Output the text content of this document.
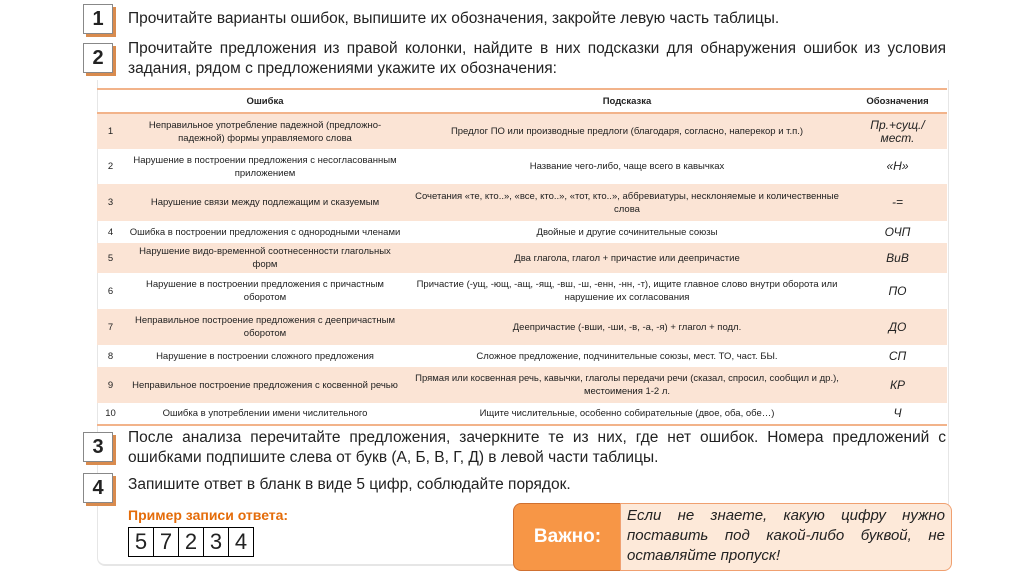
1	Прочитайте варианты ошибок, выпишите их обозначения, закройте левую часть таблицы.
2	Прочитайте предложения из правой колонки, найдите в них подсказки для обнаружения ошибок из условия задания, рядом с предложениями укажите их обозначения:
	Ошибка	Подсказка	Обозначения
1	Неправильное употребление падежной (предложно-падежной) формы управляемого слова	Предлог ПО или производные предлоги (благодаря, согласно, наперекор и т.п.)	Пр.+сущ./ мест.
2	Нарушение в построении предложения с несогласованным приложением	Название чего-либо, чаще всего в кавычках	«Н»
3	Нарушение связи между подлежащим и сказуемым	Сочетания «те, кто..», «все, кто..», «тот, кто..», аббревиатуры, несклоняемые и количественные слова	-=
4	Ошибка в построении предложения с однородными членами	Двойные и другие сочинительные союзы	ОЧП
5	Нарушение видо-временной соотнесенности глагольных форм	Два глагола, глагол + причастие или деепричастие	ВиВ
6	Нарушение в построении предложения с причастным оборотом	Причастие (-ущ, -ющ, -ащ, -ящ, -вш, -ш, -енн, -нн, -т), ищите главное слово внутри оборота или нарушение их согласования	ПО
7	Неправильное построение предложения с деепричастным оборотом	Деепричастие (-вши, -ши, -в, -а, -я) + глагол + подл.	ДО
8	Нарушение в построении сложного предложения	Сложное предложение, подчинительные союзы, мест. ТО, част. БЫ.	СП
9	Неправильное построение предложения с косвенной речью	Прямая или косвенная речь, кавычки, глаголы передачи речи (сказал, спросил, сообщил и др.), местоимения 1-2 л.	КР
10	Ошибка в употреблении имени числительного	Ищите числительные, особенно собирательные (двое, оба, обе…)	Ч
3	После анализа перечитайте предложения, зачеркните те из них, где нет ошибок. Номера предложений с ошибками подпишите слева от букв (А, Б, В, Г, Д) в левой части таблицы.
4	Запишите ответ в бланк в виде 5 цифр, соблюдайте порядок.
Пример записи ответа:
5 7 2 3 4	Важно:
Если не знаете, какую цифру нужно поставить под какой-либо буквой, не оставляйте пропуск!
